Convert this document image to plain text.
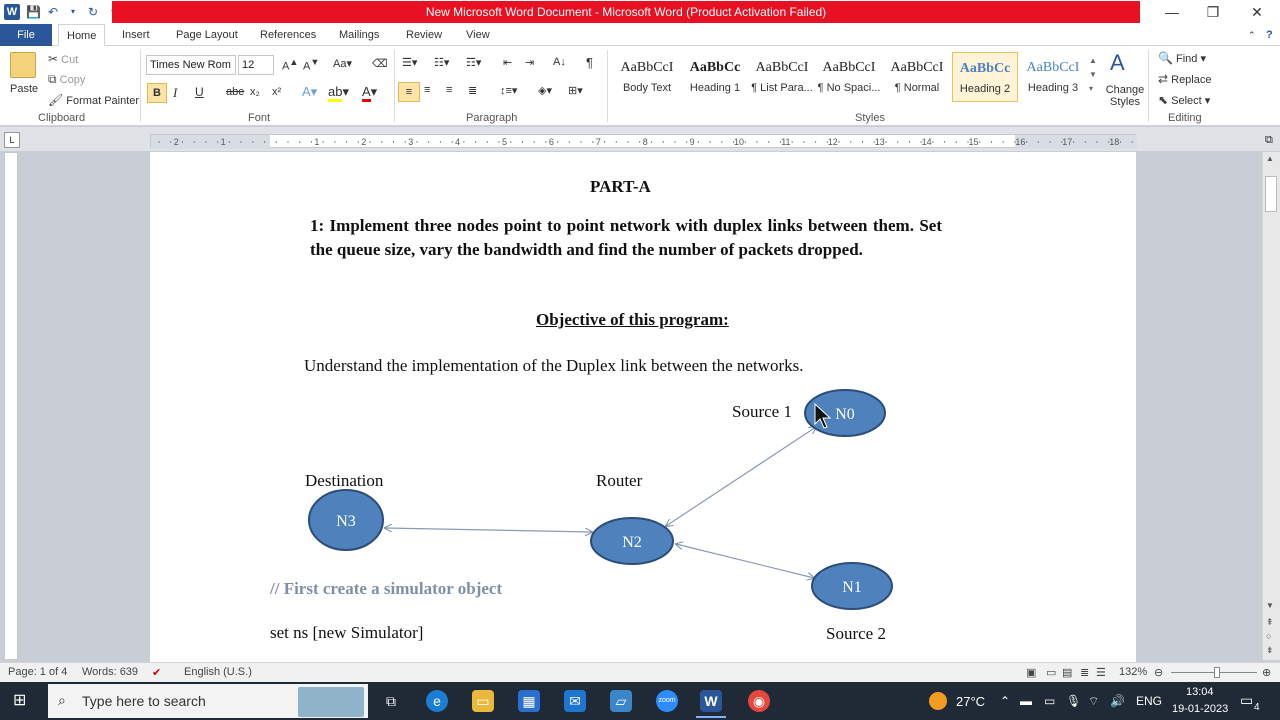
W 💾 ↶	▾	↻	New Microsoft Word Document - Microsoft Word (Product Activation Failed)	—	❐	✕
File	Home	Insert	Page Layout	References	Mailings	Review	View	⌃ ?
Paste
✂ Cut
⧉ Copy
🖌 Format Painter
Clipboard
Times New Rom	12	A▲ A▼ Aa▾ ⌫
B I U abe x₂ x² A▾ ab▾ A▾
Font
☰▾ ☷▾ ☶▾ ⇤ ⇥ A↓ ¶
≡	≡ ≡ ≣ ↕≡▾ ◈▾ ⊞▾
Paragraph
AaBbCcI
Body Text
AaBbCc
Heading 1
AaBbCcI
¶ List Para...
AaBbCcI
¶ No Spaci...
AaBbCcI
¶ Normal
AaBbCc
Heading 2
AaBbCcI
Heading 3
▲
▼
▾
A
Change Styles
Styles
🔍 Find ▾
⇄ Replace
⬉ Select ▾
Editing
L	2	1	1	2	3	4	5	6	7	8	9	10	11	12	13	14	15	16	17	18	⧉
PART-A
1: Implement three nodes point to point network with duplex links between them. Set the queue size, vary the bandwidth and find the number of packets dropped.
Objective of this program:
Understand the implementation of the Duplex link between the networks.
N0
N1
N2
N3
Source 1
Source 2
Router
Destination
// First create a simulator object
set ns [new Simulator]
▲
▼
⇞
○
⇟
Page: 1 of 4 Words: 639 ✔ English (U.S.)	▣ ▭ ▤ ≣ ☰ 132% ⊖	⊕
⊞	Type here to search
⌕	⧉	e	▭	▦	✉	▱	zoom	W	◉	27°C ⌃ ▬ ▭ 🎙 ⌔ 🔊 ENG
13:04
19-01-2023
▭ 4
